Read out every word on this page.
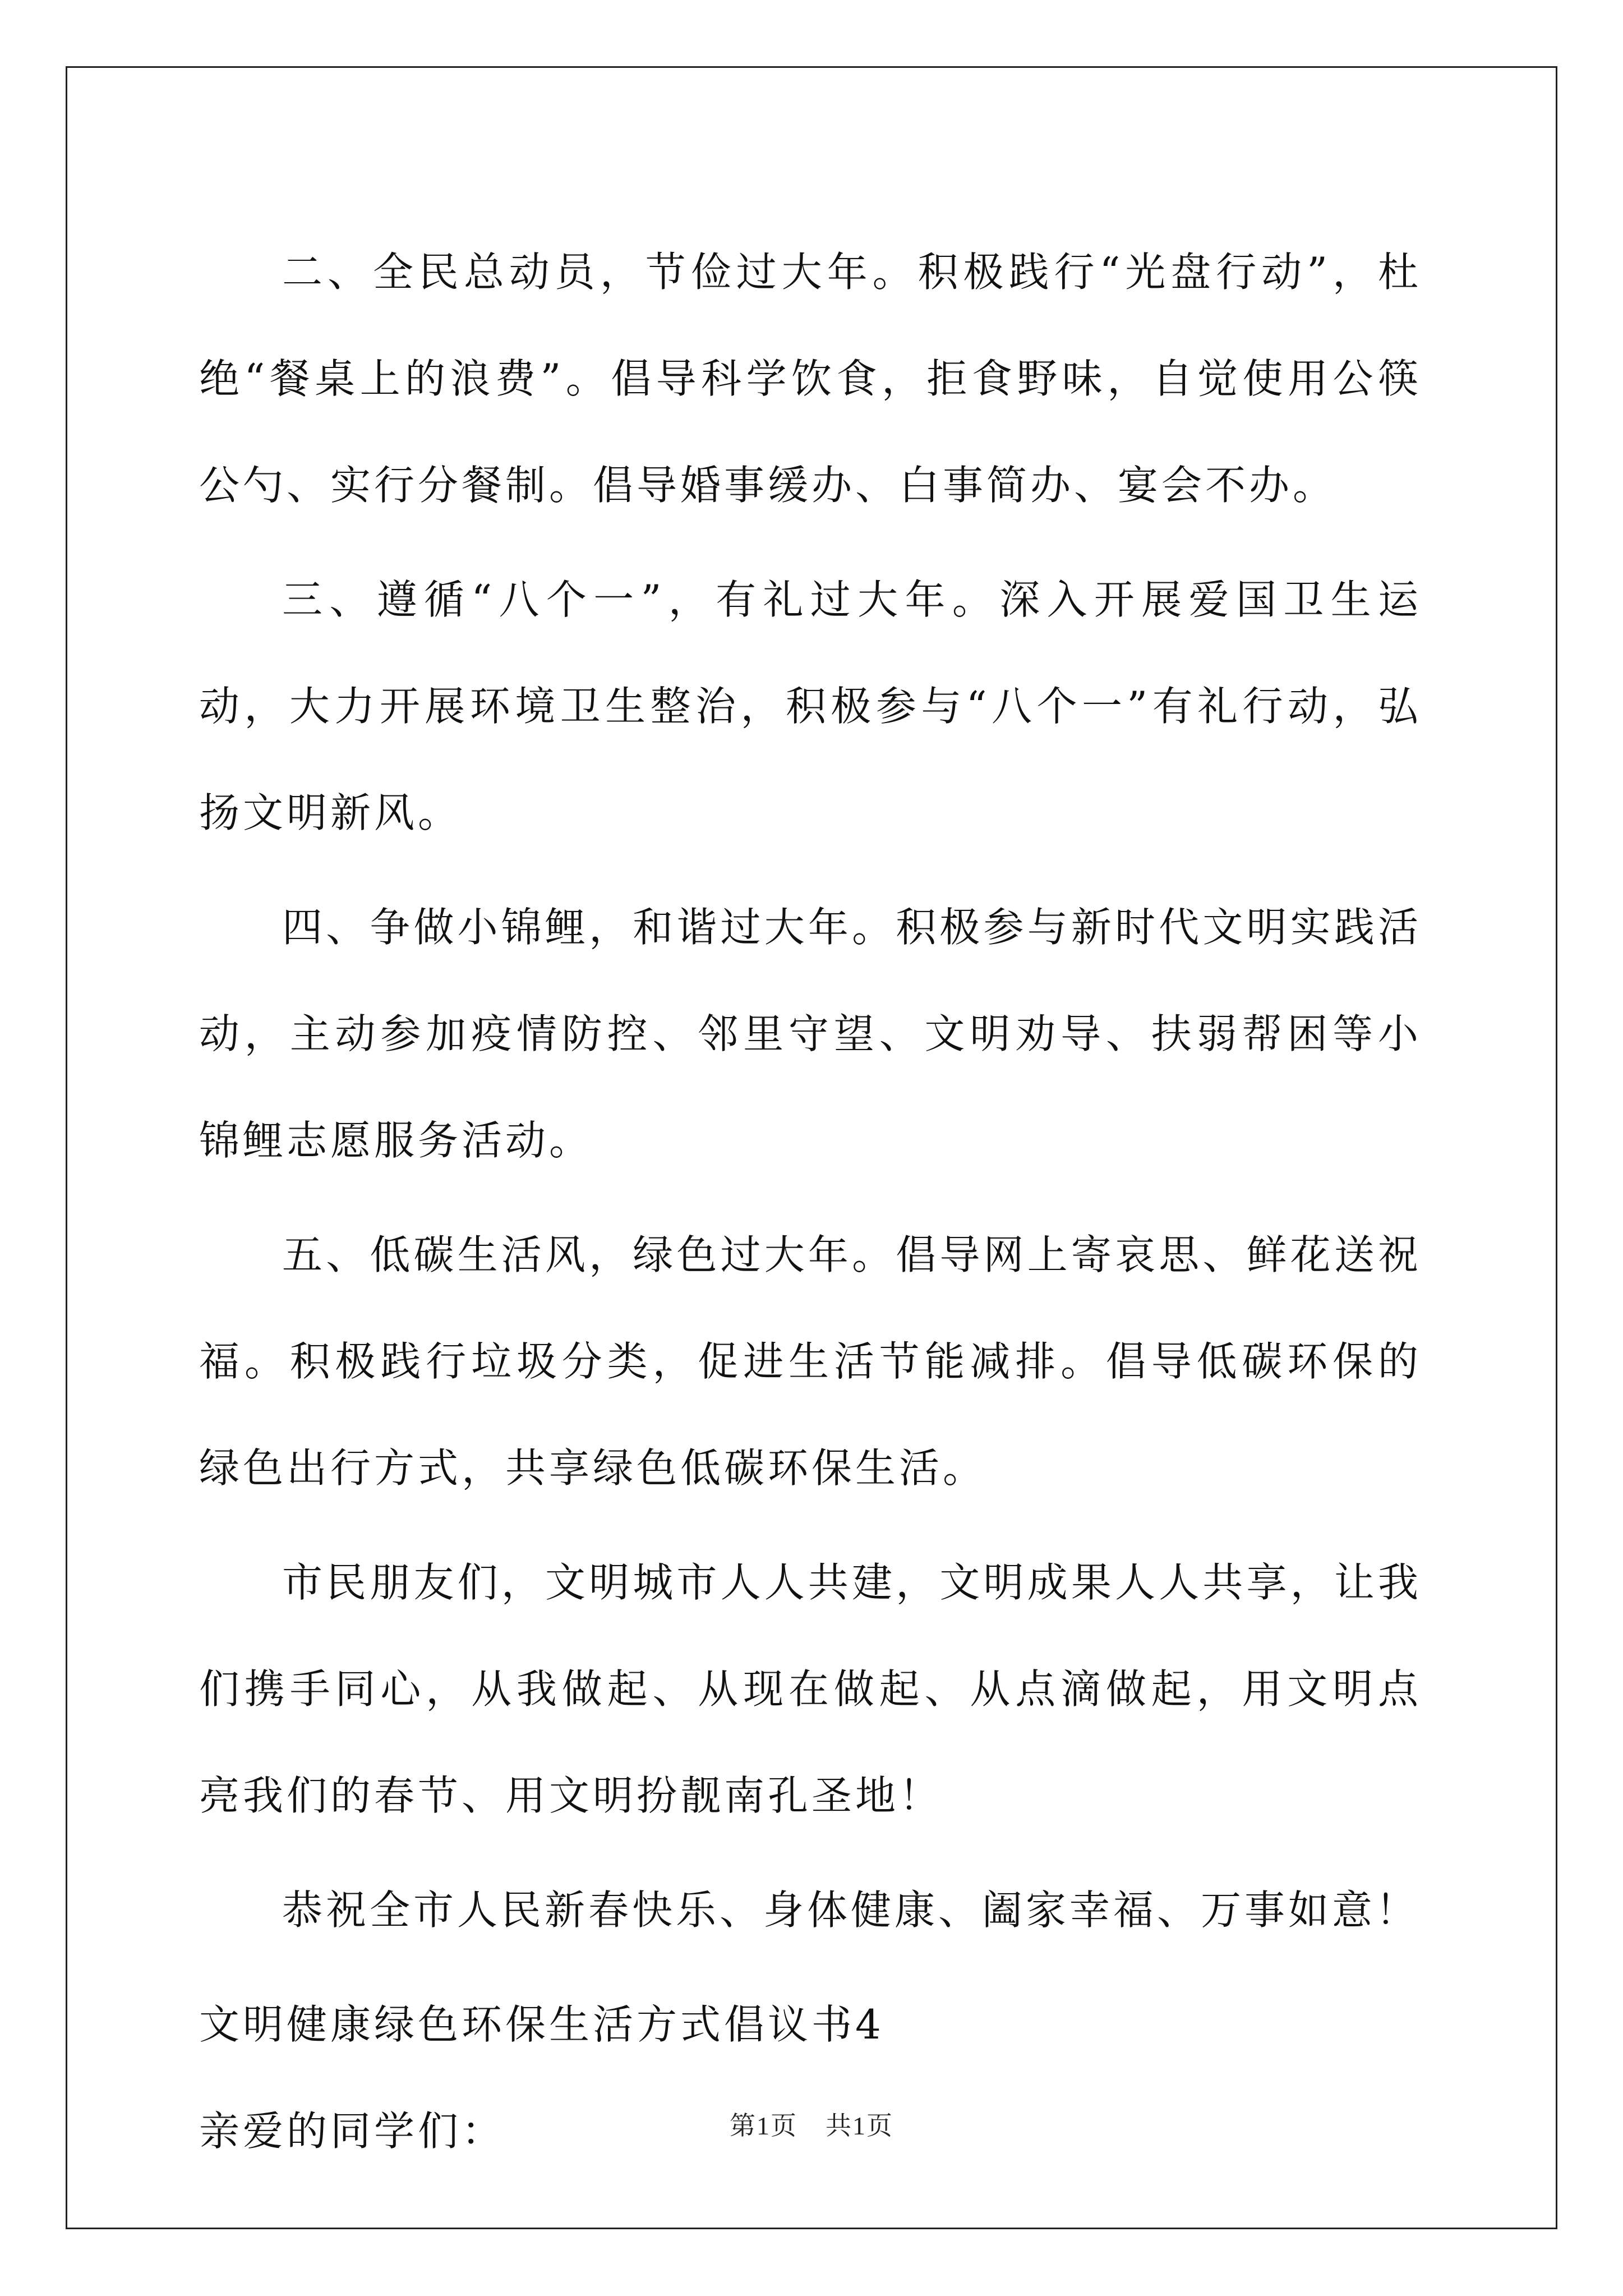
二、全民总动员，节俭过大年。积极践行“光盘行动”，杜绝“餐桌上的浪费”。倡导科学饮食，拒食野味，自觉使用公筷公勺、实行分餐制。倡导婚事缓办、白事简办、宴会不办。

三、遵循“八个一”，有礼过大年。深入开展爱国卫生运动，大力开展环境卫生整治，积极参与“八个一”有礼行动，弘扬文明新风。

四、争做小锦鲤，和谐过大年。积极参与新时代文明实践活动，主动参加疫情防控、邻里守望、文明劝导、扶弱帮困等小锦鲤志愿服务活动。

五、低碳生活风，绿色过大年。倡导网上寄哀思、鲜花送祝福。积极践行垃圾分类，促进生活节能减排。倡导低碳环保的绿色出行方式，共享绿色低碳环保生活。

市民朋友们，文明城市人人共建，文明成果人人共享，让我们携手同心，从我做起、从现在做起、从点滴做起，用文明点亮我们的春节、用文明扮靓南孔圣地！

恭祝全市人民新春快乐、身体健康、阖家幸福、万事如意！

文明健康绿色环保生活方式倡议书4

亲爱的同学们：	第1页 共1页
